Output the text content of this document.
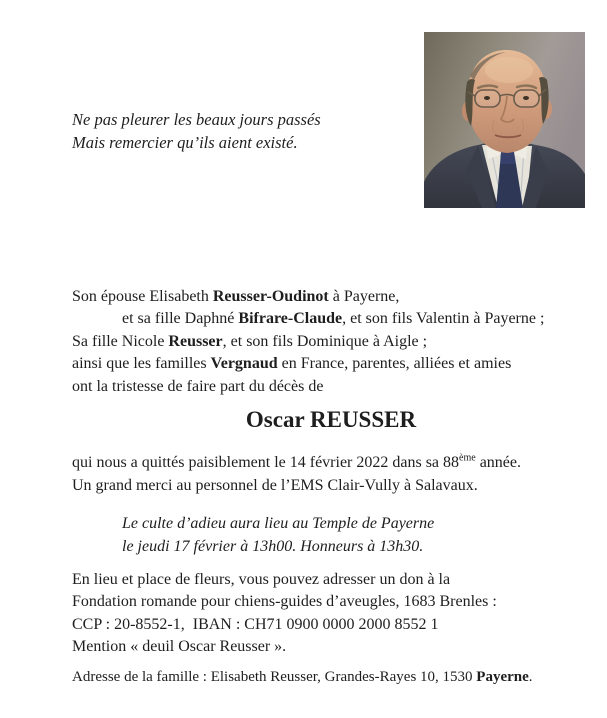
Ne pas pleurer les beaux jours passés
Mais remercier qu’ils aient existé.
Son épouse Elisabeth Reusser-Oudinot à Payerne,
et sa fille Daphné Bifrare-Claude, et son fils Valentin à Payerne ;
Sa fille Nicole Reusser, et son fils Dominique à Aigle ;
ainsi que les familles Vergnaud en France, parentes, alliées et amies
ont la tristesse de faire part du décès de
Oscar REUSSER
qui nous a quittés paisiblement le 14 février 2022 dans sa 88ème année.
Un grand merci au personnel de l’EMS Clair-Vully à Salavaux.
Le culte d’adieu aura lieu au Temple de Payerne
le jeudi 17 février à 13h00. Honneurs à 13h30.
En lieu et place de fleurs, vous pouvez adresser un don à la
Fondation romande pour chiens-guides d’aveugles, 1683 Brenles :
CCP : 20-8552-1,  IBAN : CH71 0900 0000 2000 8552 1
Mention « deuil Oscar Reusser ».
Adresse de la famille : Elisabeth Reusser, Grandes-Rayes 10, 1530 Payerne.
